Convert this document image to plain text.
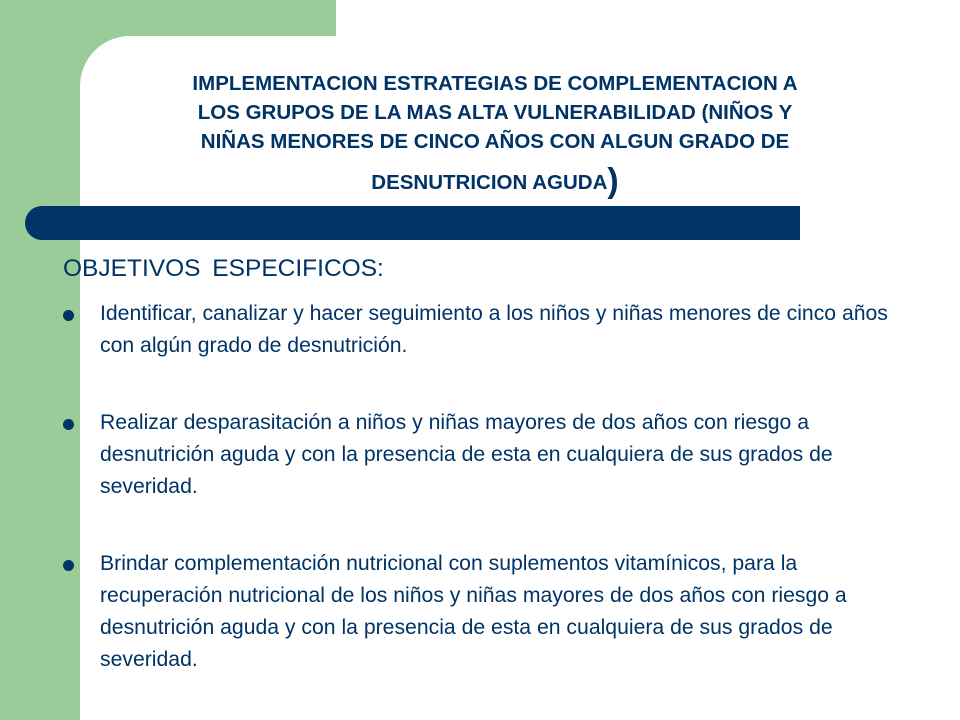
IMPLEMENTACION ESTRATEGIAS DE COMPLEMENTACION A
LOS GRUPOS DE LA MAS ALTA VULNERABILIDAD (NIÑOS Y
NIÑAS MENORES DE CINCO AÑOS CON ALGUN GRADO DE
DESNUTRICION AGUDA)
OBJETIVOS ESPECIFICOS:
Identificar, canalizar y hacer seguimiento a los niños y niñas menores de cinco años con algún grado de desnutrición.
Realizar desparasitación a niños y niñas mayores de dos años con riesgo a desnutrición aguda y con la presencia de esta en cualquiera de sus grados de severidad.
Brindar complementación nutricional con suplementos vitamínicos, para la recuperación nutricional de los niños y niñas mayores de dos años con riesgo a desnutrición aguda y con la presencia de esta en cualquiera de sus grados de severidad.
